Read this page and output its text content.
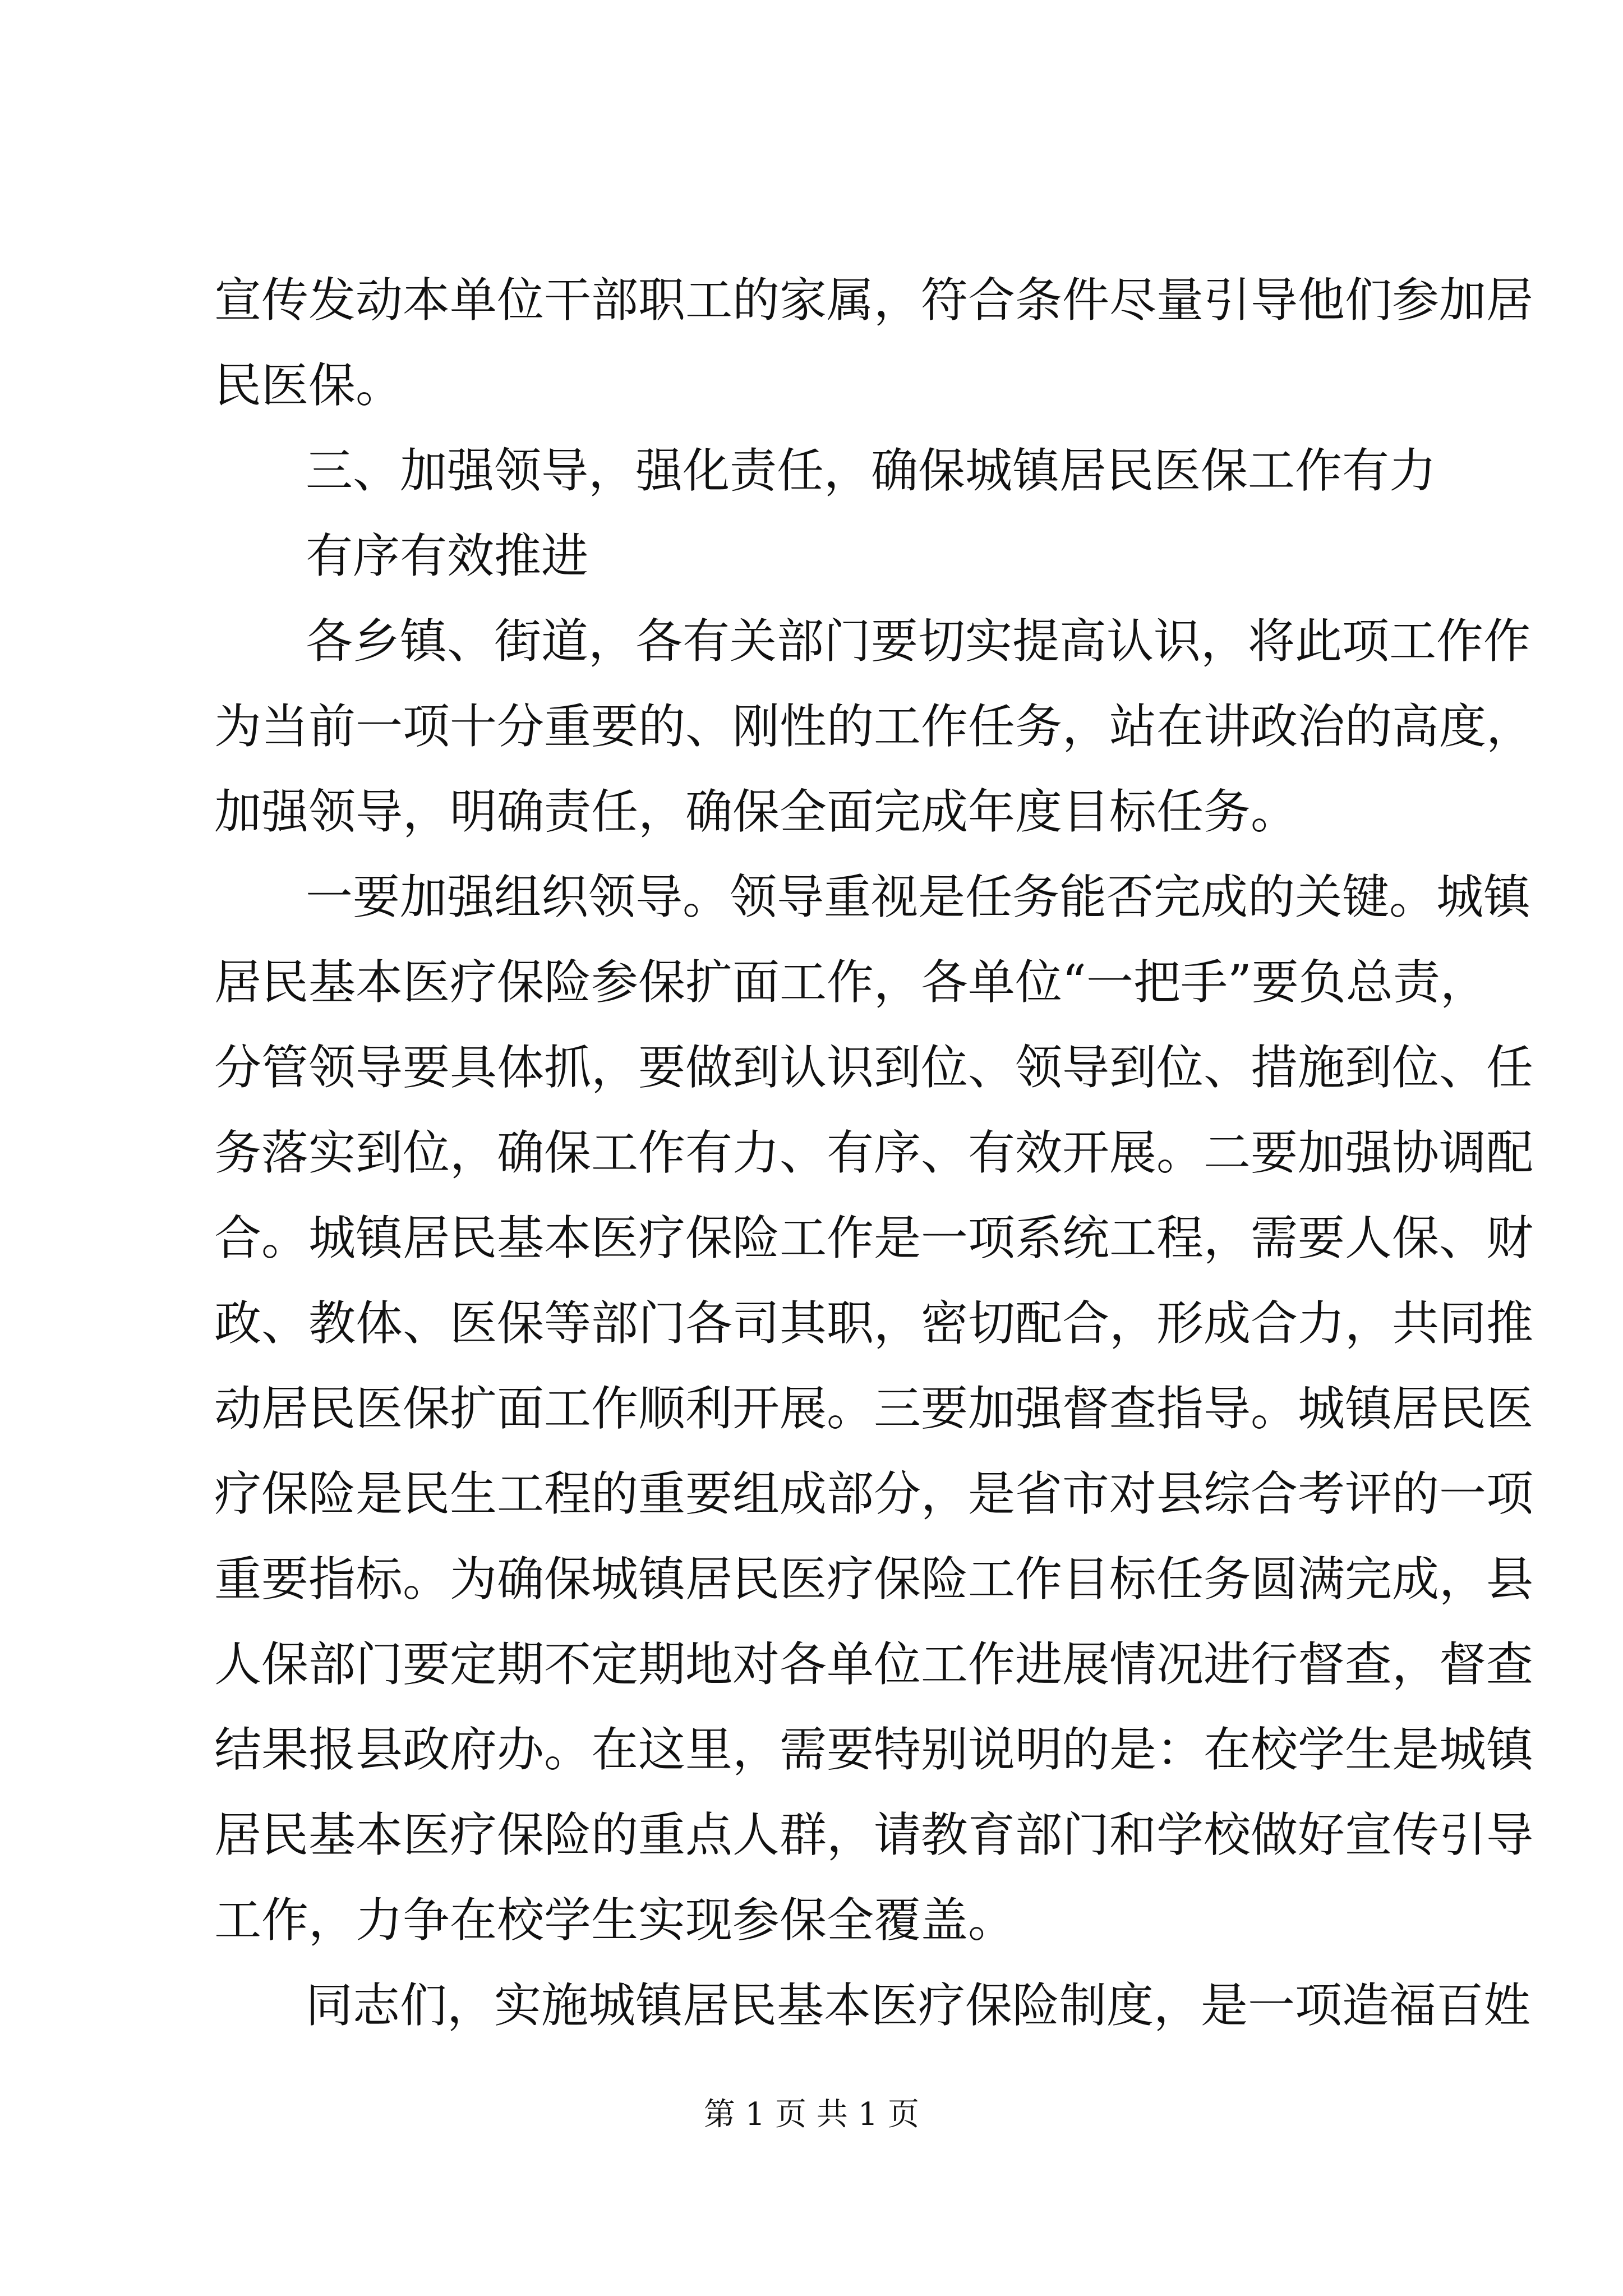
宣传发动本单位干部职工的家属，符合条件尽量引导他们参加居
民医保。
三、加强领导，强化责任，确保城镇居民医保工作有力
有序有效推进
各乡镇、街道，各有关部门要切实提高认识，将此项工作作
为当前一项十分重要的、刚性的工作任务，站在讲政治的高度，
加强领导，明确责任，确保全面完成年度目标任务。
一要加强组织领导。领导重视是任务能否完成的关键。城镇
居民基本医疗保险参保扩面工作，各单位“一把手”要负总责，
分管领导要具体抓，要做到认识到位、领导到位、措施到位、任
务落实到位，确保工作有力、有序、有效开展。二要加强协调配
合。城镇居民基本医疗保险工作是一项系统工程，需要人保、财
政、教体、医保等部门各司其职，密切配合，形成合力，共同推
动居民医保扩面工作顺利开展。三要加强督查指导。城镇居民医
疗保险是民生工程的重要组成部分，是省市对县综合考评的一项
重要指标。为确保城镇居民医疗保险工作目标任务圆满完成，县
人保部门要定期不定期地对各单位工作进展情况进行督查，督查
结果报县政府办。在这里，需要特别说明的是：在校学生是城镇
居民基本医疗保险的重点人群，请教育部门和学校做好宣传引导
工作，力争在校学生实现参保全覆盖。
同志们，实施城镇居民基本医疗保险制度，是一项造福百姓
第 1 页 共 1 页
